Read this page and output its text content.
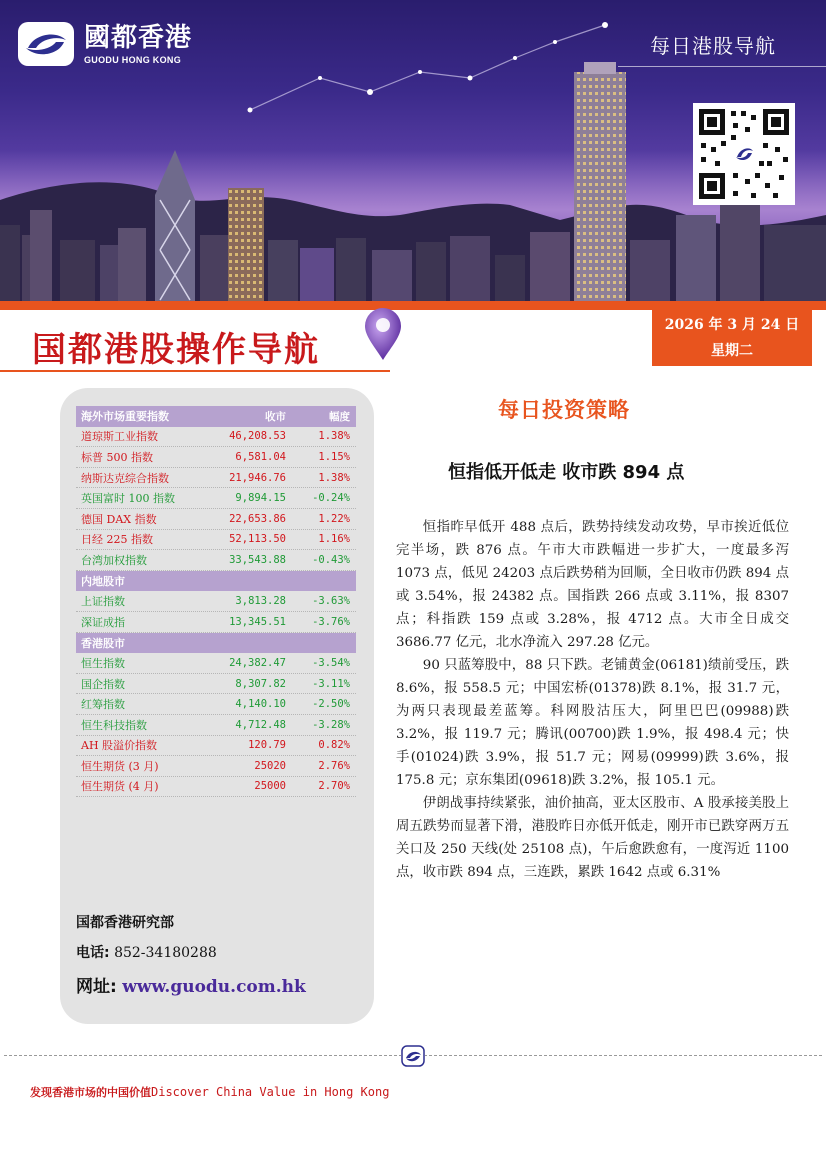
國都香港
GUODU HONG KONG
每日港股导航
国都港股操作导航
2026 年 3 月 24 日
星期二
海外市场重要指数	收市	幅度
道琼斯工业指数	46,208.53	1.38%
标普 500 指数	6,581.04	1.15%
纳斯达克综合指数	21,946.76	1.38%
英国富时 100 指数	9,894.15	-0.24%
德国 DAX 指数	22,653.86	1.22%
日经 225 指数	52,113.50	1.16%
台湾加权指数	33,543.88	-0.43%
内地股市
上证指数	3,813.28	-3.63%
深证成指	13,345.51	-3.76%
香港股市
恒生指数	24,382.47	-3.54%
国企指数	8,307.82	-3.11%
红筹指数	4,140.10	-2.50%
恒生科技指数	4,712.48	-3.28%
AH 股溢价指数	120.79	0.82%
恒生期货 (3 月)	25020	2.76%
恒生期货 (4 月)	25000	2.70%
国都香港研究部
电话: 852-34180288
网址: www.guodu.com.hk
每日投资策略
恒指低开低走 收市跌 894 点

恒指昨早低开 488 点后，跌势持续发动攻势，早市挨近低位完半场，跌 876 点。午市大市跌幅进一步扩大，一度最多泻 1073 点，低见 24203 点后跌势稍为回顺，全日收市仍跌 894 点或 3.54%，报 24382 点。国指跌 266 点或 3.11%，报 8307 点；科指跌 159 点或 3.28%，报 4712 点。大市全日成交 3686.77 亿元，北水净流入 297.28 亿元。

90 只蓝筹股中，88 只下跌。老铺黄金(06181)绩前受压，跌 8.6%，报 558.5 元；中国宏桥(01378)跌 8.1%，报 31.7 元，为两只表现最差蓝筹。科网股沽压大，阿里巴巴(09988)跌 3.2%，报 119.7 元；腾讯(00700)跌 1.9%，报 498.4 元；快手(01024)跌 3.9%，报 51.7 元；网易(09999)跌 3.6%，报 175.8 元；京东集团(09618)跌 3.2%，报 105.1 元。

伊朗战事持续紧张，油价抽高，亚太区股市、A 股承接美股上周五跌势而显著下滑，港股昨日亦低开低走，刚开市已跌穿两万五关口及 250 天线(处 25108 点)，午后愈跌愈有，一度泻近 1100 点，收市跌 894 点，三连跌，累跌 1642 点或 6.31%

发现香港市场的中国价值Discover China Value in Hong Kong
